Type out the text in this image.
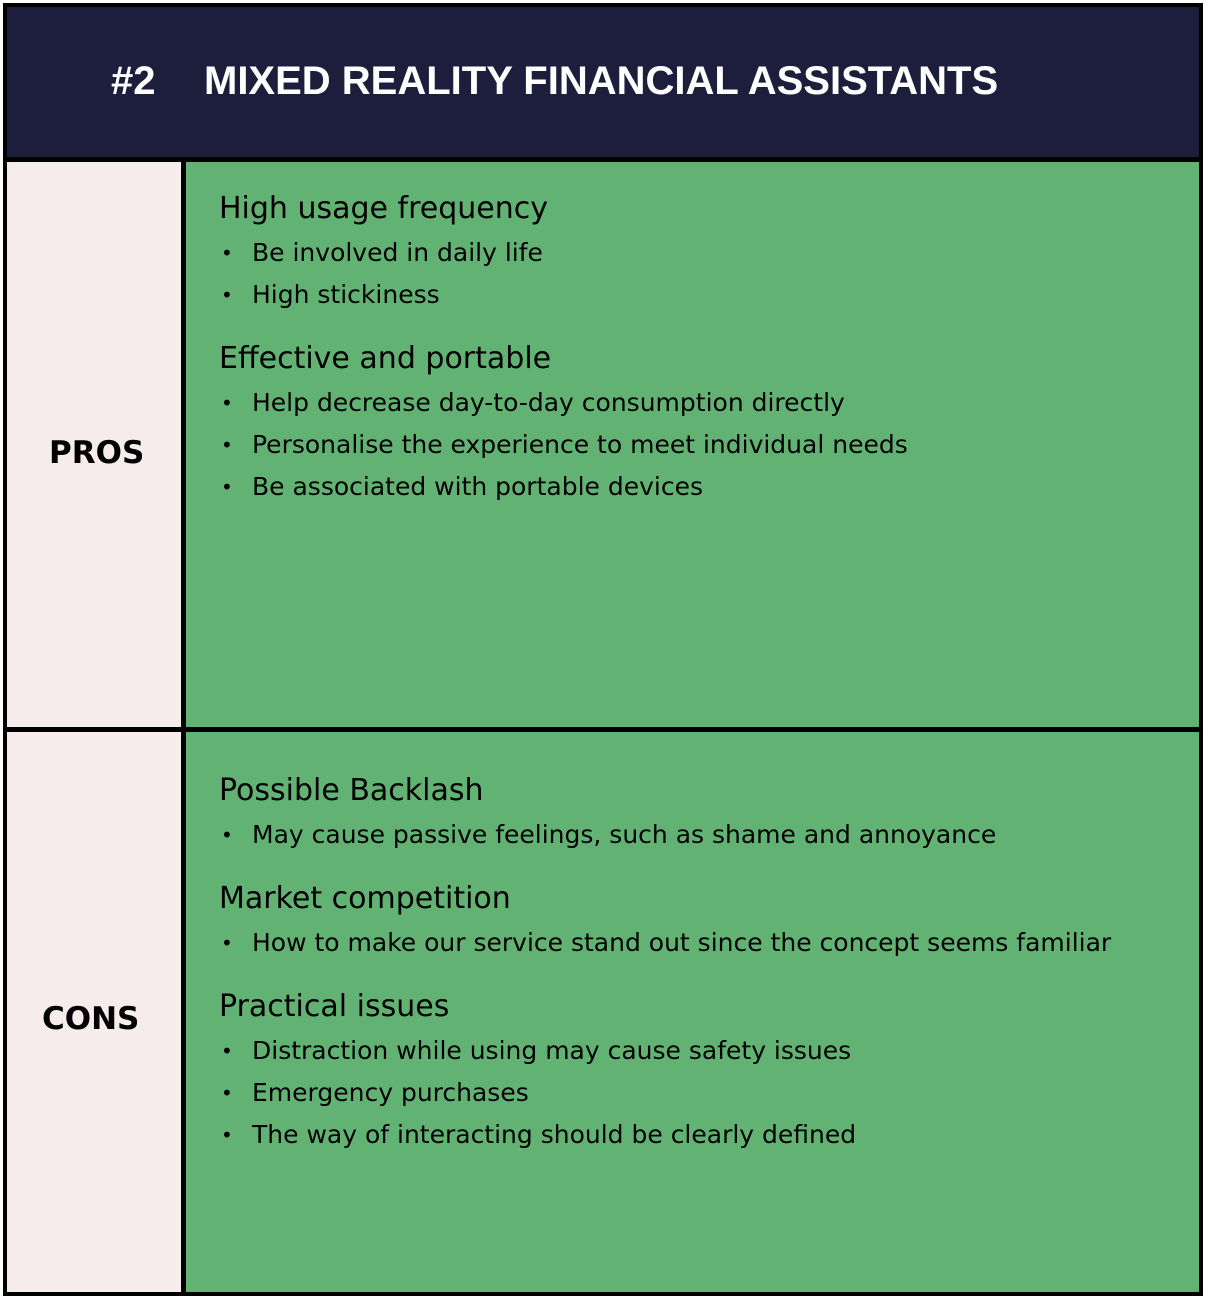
#2 MIXED REALITY FINANCIAL ASSISTANTS
PROS
High usage frequency
• Be involved in daily life
• High stickiness
Effective and portable
• Help decrease day-to-day consumption directly
• Personalise the experience to meet individual needs
• Be associated with portable devices
CONS
Possible Backlash
• May cause passive feelings, such as shame and annoyance
Market competition
• How to make our service stand out since the concept seems familiar
Practical issues
• Distraction while using may cause safety issues
• Emergency purchases
• The way of interacting should be clearly defined
